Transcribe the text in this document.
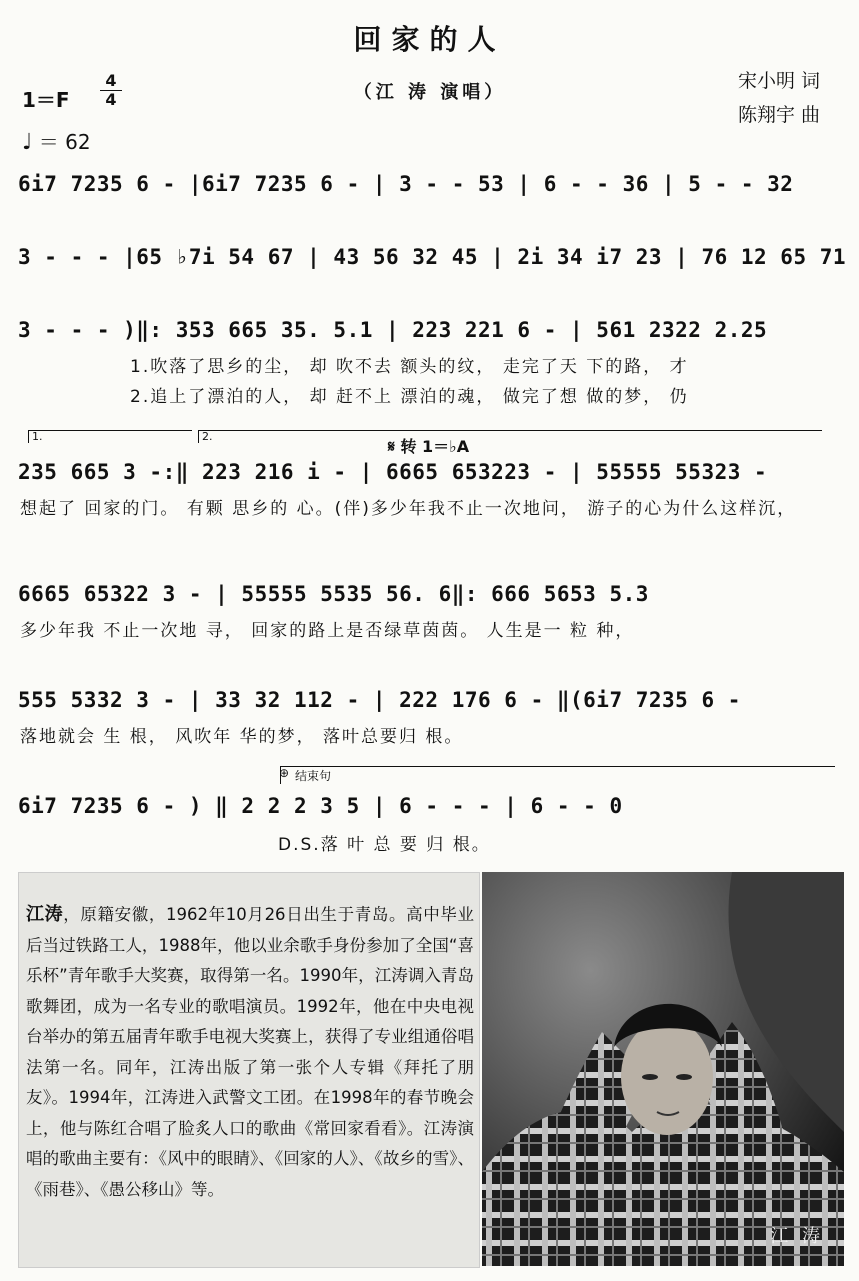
回家的人
（江 涛 演唱）
宋小明 词
陈翔宇 曲
1＝F
4
4
♩ ＝ 62
6i7 7235 6 - |6i7 7235 6 - | 3 - - 53 | 6 - - 36 | 5 - - 32
3 - - - |65 ♭7i 54 67 | 43 56 32 45 | 2i 34 i7 23 | 76 12 65 71
3 - - - )‖: 353 665 35. 5.1 | 223 221 6 - | 561 2322 2.25
1.吹落了思乡的尘， 却 吹不去 额头的纹， 走完了天 下的路， 才
2.追上了漂泊的人， 却 赶不上 漂泊的魂， 做完了想 做的梦， 仍
1.	2.
𝄋 转 1＝♭A
235 665 3 -:‖ 223 216 i - | 6665 653223 - | 55555 55323 -
想起了 回家的门。 有颗 思乡的 心。(伴)多少年我不止一次地问， 游子的心为什么这样沉，
6665 65322 3 - | 55555 5535 56. 6‖: 666 5653 5.3
多少年我 不止一次地 寻， 回家的路上是否绿草茵茵。 人生是一 粒 种，
555 5332 3 - | 33 32 112 - | 222 176 6 - ‖(6i7 7235 6 -
落地就会 生 根， 风吹年 华的梦， 落叶总要归 根。
⊕ 结束句
6i7 7235 6 - ) ‖ 2 2 2 3 5 | 6 - - - | 6 - - 0
D.S.落 叶 总 要 归 根。
江涛，原籍安徽，1962年10月26日出生于青岛。高中毕业后当过铁路工人，1988年，他以业余歌手身份参加了全国“喜乐杯”青年歌手大奖赛，取得第一名。1990年，江涛调入青岛歌舞团，成为一名专业的歌唱演员。1992年，他在中央电视台举办的第五届青年歌手电视大奖赛上，获得了专业组通俗唱法第一名。同年，江涛出版了第一张个人专辑《拜托了朋友》。1994年，江涛进入武警文工团。在1998年的春节晚会上，他与陈红合唱了脸炙人口的歌曲《常回家看看》。江涛演唱的歌曲主要有：《风中的眼睛》、《回家的人》、《故乡的雪》、《雨巷》、《愚公移山》等。
江 涛
